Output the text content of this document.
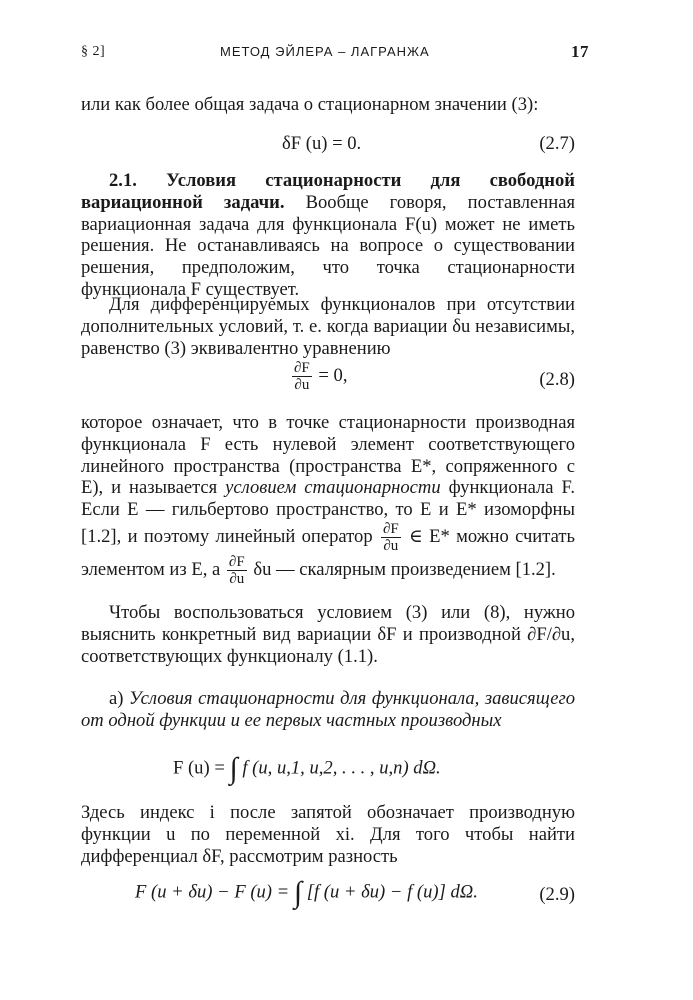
§ 2]	МЕТОД ЭЙЛЕРА – ЛАГРАНЖА	17
или как более общая задача о стационарном значении (3):
δF (u) = 0.	(2.7)
2.1. Условия стационарности для свободной вариационной задачи. Вообще говоря, поставленная вариационная задача для функционала F(u) может не иметь решения. Не останавливаясь на вопросе о существовании решения, предположим, что точка стационарности функционала F существует.
Для дифференцируемых функционалов при отсутствии дополнительных условий, т. е. когда вариации δu независимы, равенство (3) эквивалентно уравнению
$\frac{\partial F}{\partial u} = 0$,	(2.8)
которое означает, что в точке стационарности производная функционала F есть нулевой элемент соответствующего линейного пространства (пространства E*, сопряженного с E), и называется условием стационарности функционала F. Если E — гильбертово пространство, то E и E* изоморфны [1.2], и поэтому линейный оператор $\frac{\partial F}{\partial u}$ ∈ E* можно считать элементом из E, а $\frac{\partial F}{\partial u}$ δu — скалярным произведением [1.2].
Чтобы воспользоваться условием (3) или (8), нужно выяснить конкретный вид вариации δF и производной ∂F/∂u, соответствующих функционалу (1.1).
а) Условия стационарности для функционала, зависящего от одной функции и ее первых частных производных
F (u) = ∫ f (u, u,1, u,2, . . . , u,n) dΩ.
Здесь индекс i после запятой обозначает производную функции u по переменной xi. Для того чтобы найти дифференциал δF, рассмотрим разность
F (u + δu) − F (u) = ∫ [f (u + δu) − f (u)] dΩ.	(2.9)
